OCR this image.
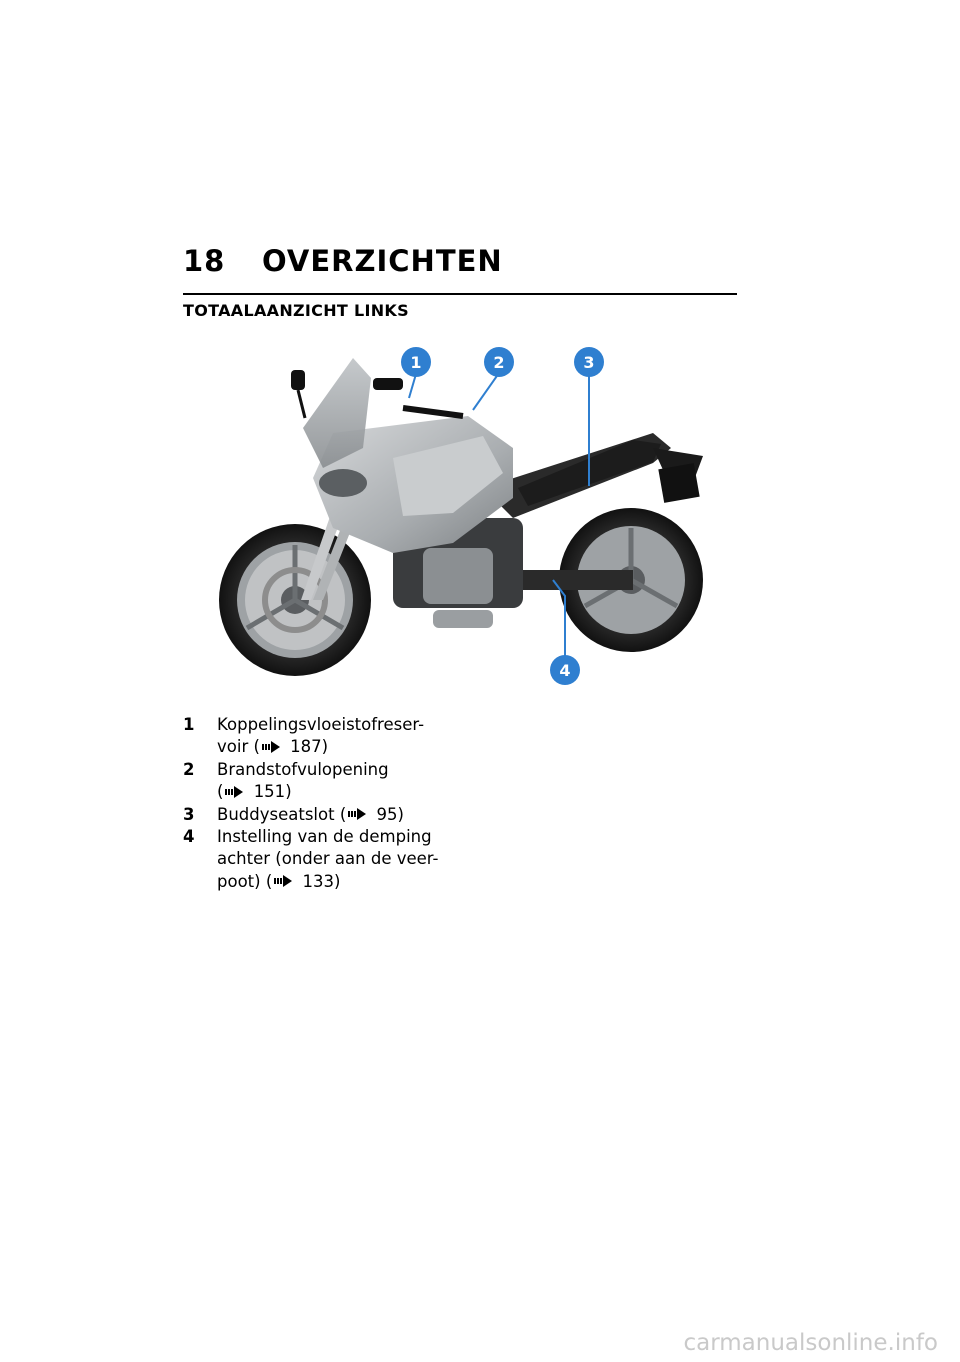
18	OVERZICHTEN
TOTAALAANZICHT LINKS
1	2	3
4
1	Koppelingsvloeistofreser-
voir ( 187)
2	Brandstofvulopening
( 151)
3	Buddyseatslot ( 95)
4	Instelling van de demping
achter (onder aan de veer-
poot) ( 133)
carmanualsonline.info
